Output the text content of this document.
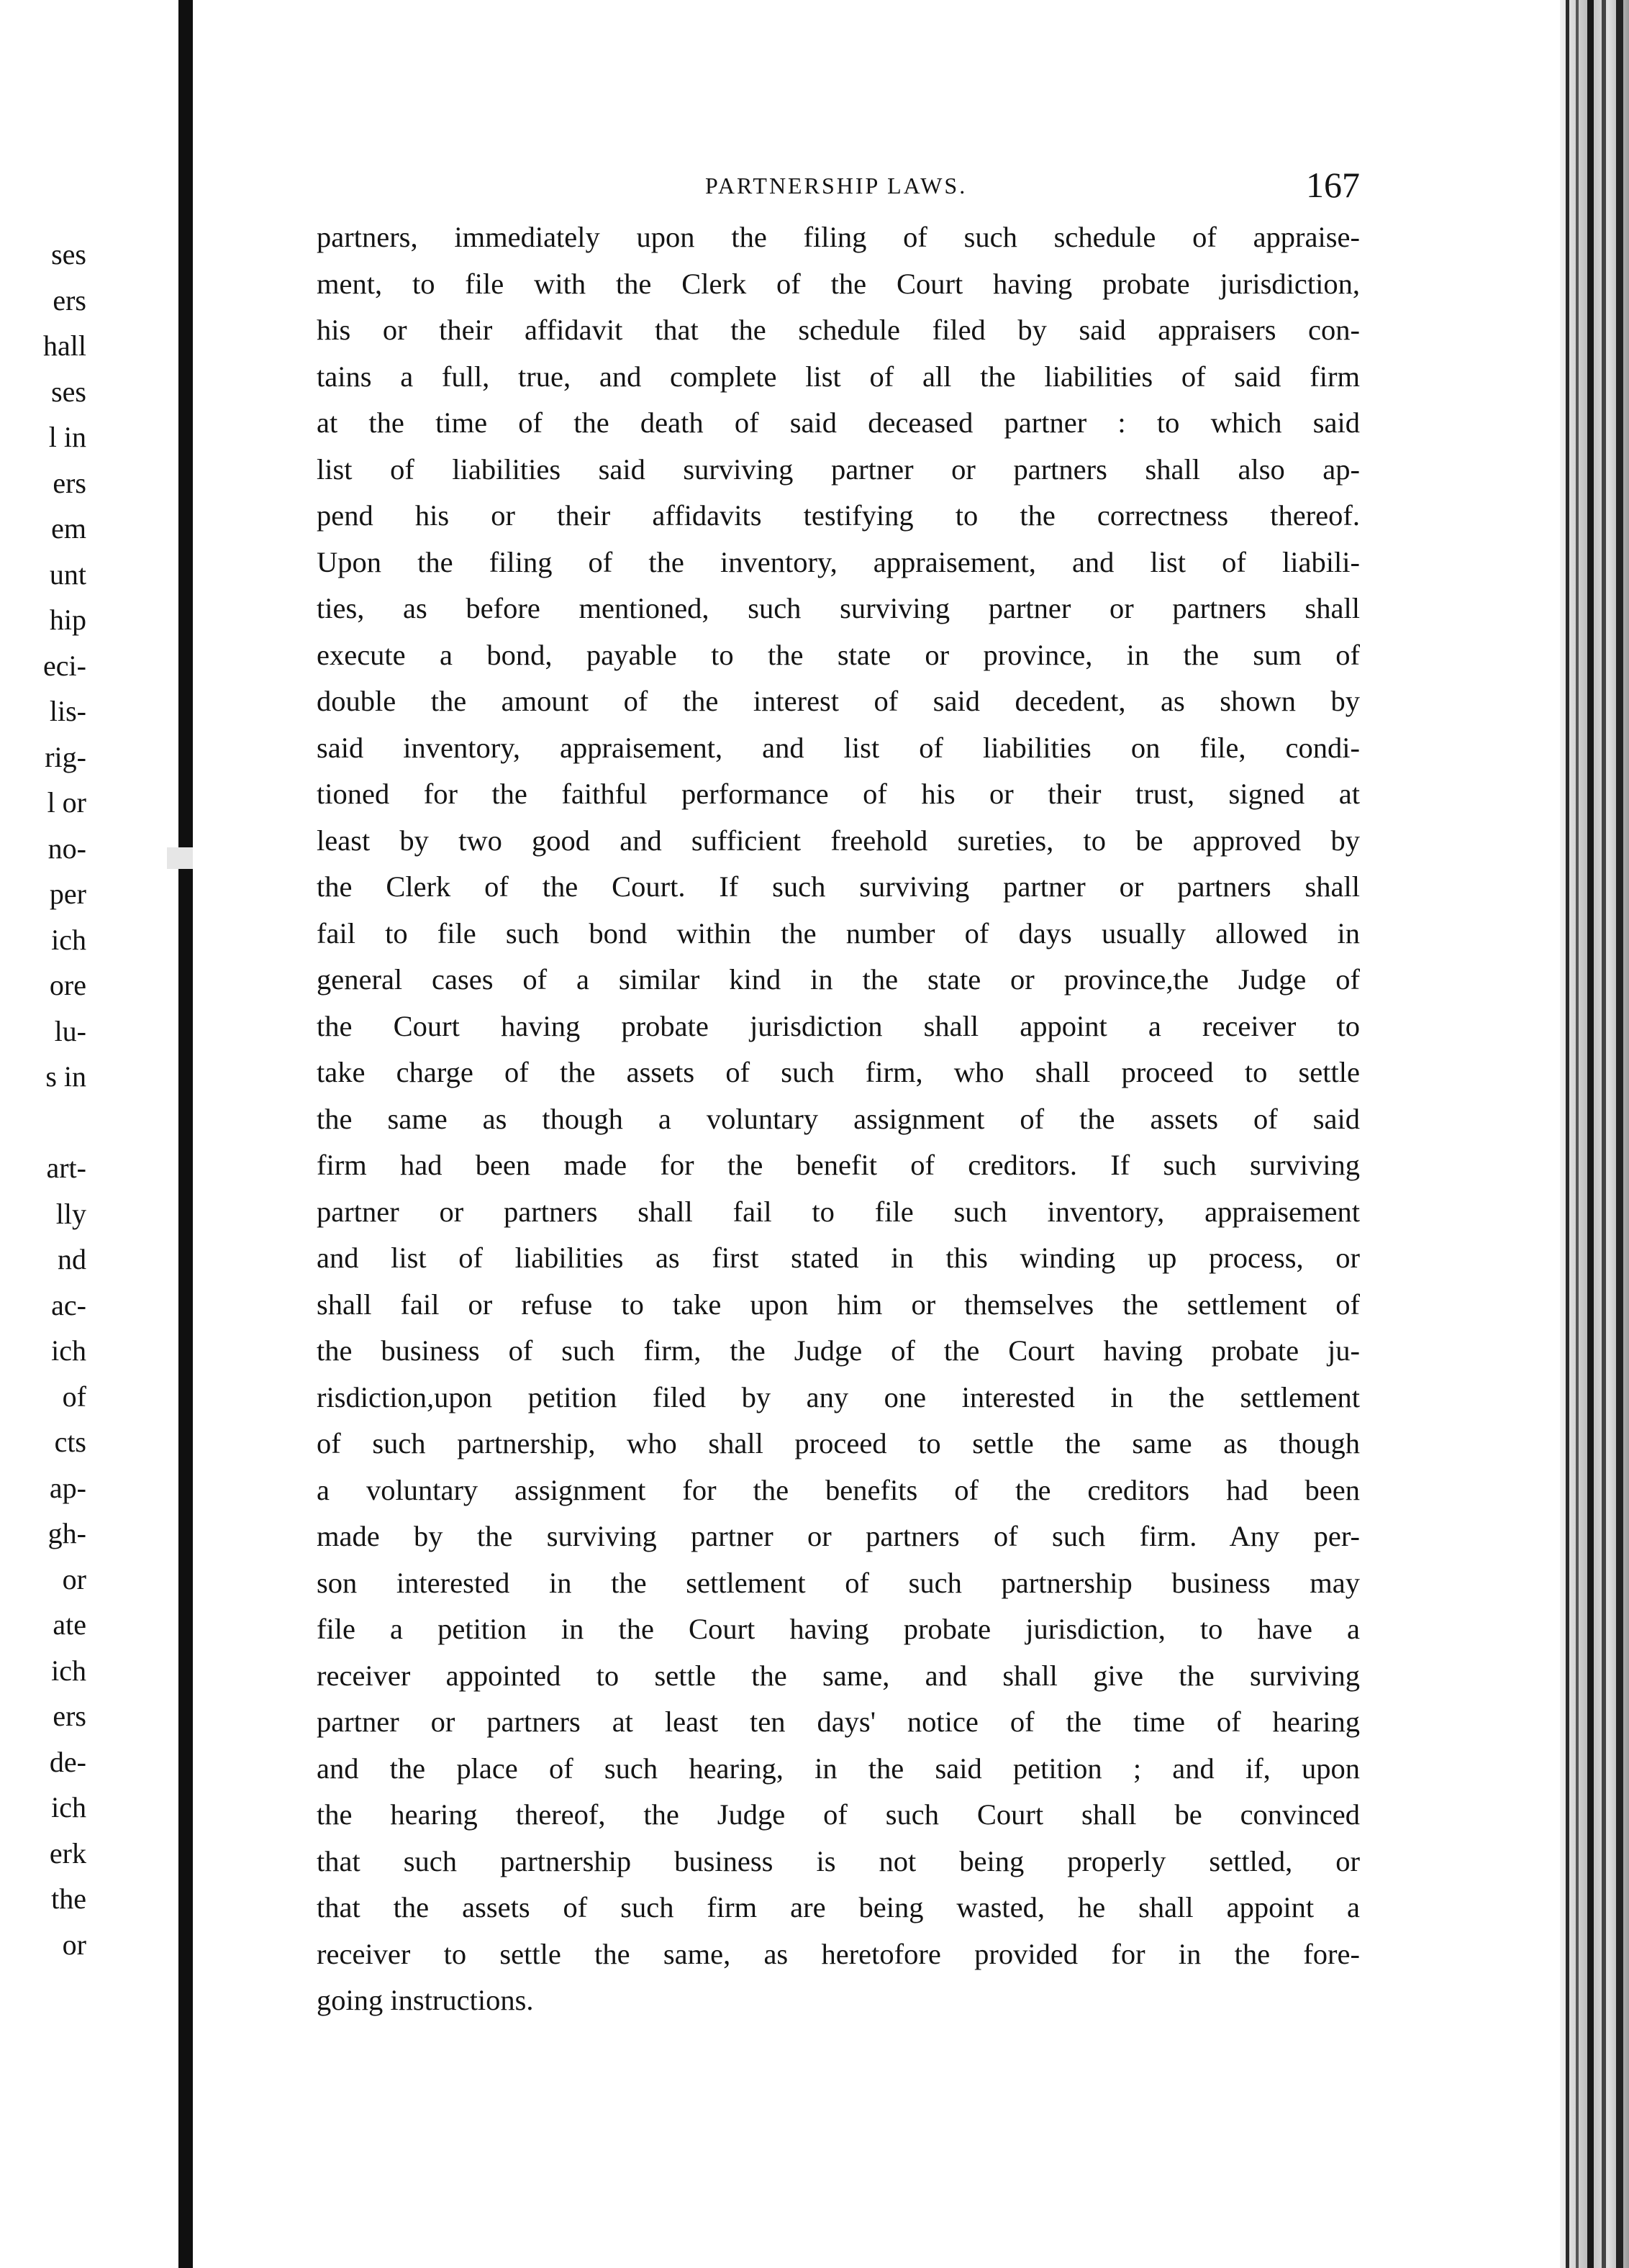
ses
ers
hall
ses
l in
ers
em
unt
hip
eci-
lis-
rig-
l or
no-
per
ich
ore
lu-
s in
art-
lly
nd
ac-
ich
of
cts
ap-
gh-
or
ate
ich
ers
de-
ich
erk
the
or
PARTNERSHIP LAWS.	167
partners, immediately upon the filing of such schedule of appraise-
ment, to file with the Clerk of the Court having probate jurisdiction,
his or their affidavit that the schedule filed by said appraisers con-
tains a full, true, and complete list of all the liabilities of said firm
at the time of the death of said deceased partner : to which said
list of liabilities said surviving partner or partners shall also ap-
pend his or their affidavits testifying to the correctness thereof.
Upon the filing of the inventory, appraisement, and list of liabili-
ties, as before mentioned, such surviving partner or partners shall
execute a bond, payable to the state or province, in the sum of
double the amount of the interest of said decedent, as shown by
said inventory, appraisement, and list of liabilities on file, condi-
tioned for the faithful performance of his or their trust, signed at
least by two good and sufficient freehold sureties, to be approved by
the Clerk of the Court. If such surviving partner or partners shall
fail to file such bond within the number of days usually allowed in
general cases of a similar kind in the state or province,the Judge of
the Court having probate jurisdiction shall appoint a receiver to
take charge of the assets of such firm, who shall proceed to settle
the same as though a voluntary assignment of the assets of said
firm had been made for the benefit of creditors. If such surviving
partner or partners shall fail to file such inventory, appraisement
and list of liabilities as first stated in this winding up process, or
shall fail or refuse to take upon him or themselves the settlement of
the business of such firm, the Judge of the Court having probate ju-
risdiction,upon petition filed by any one interested in the settlement
of such partnership, who shall proceed to settle the same as though
a voluntary assignment for the benefits of the creditors had been
made by the surviving partner or partners of such firm. Any per-
son interested in the settlement of such partnership business may
file a petition in the Court having probate jurisdiction, to have a
receiver appointed to settle the same, and shall give the surviving
partner or partners at least ten days' notice of the time of hearing
and the place of such hearing, in the said petition ; and if, upon
the hearing thereof, the Judge of such Court shall be convinced
that such partnership business is not being properly settled, or
that the assets of such firm are being wasted, he shall appoint a
receiver to settle the same, as heretofore provided for in the fore-
going instructions.
